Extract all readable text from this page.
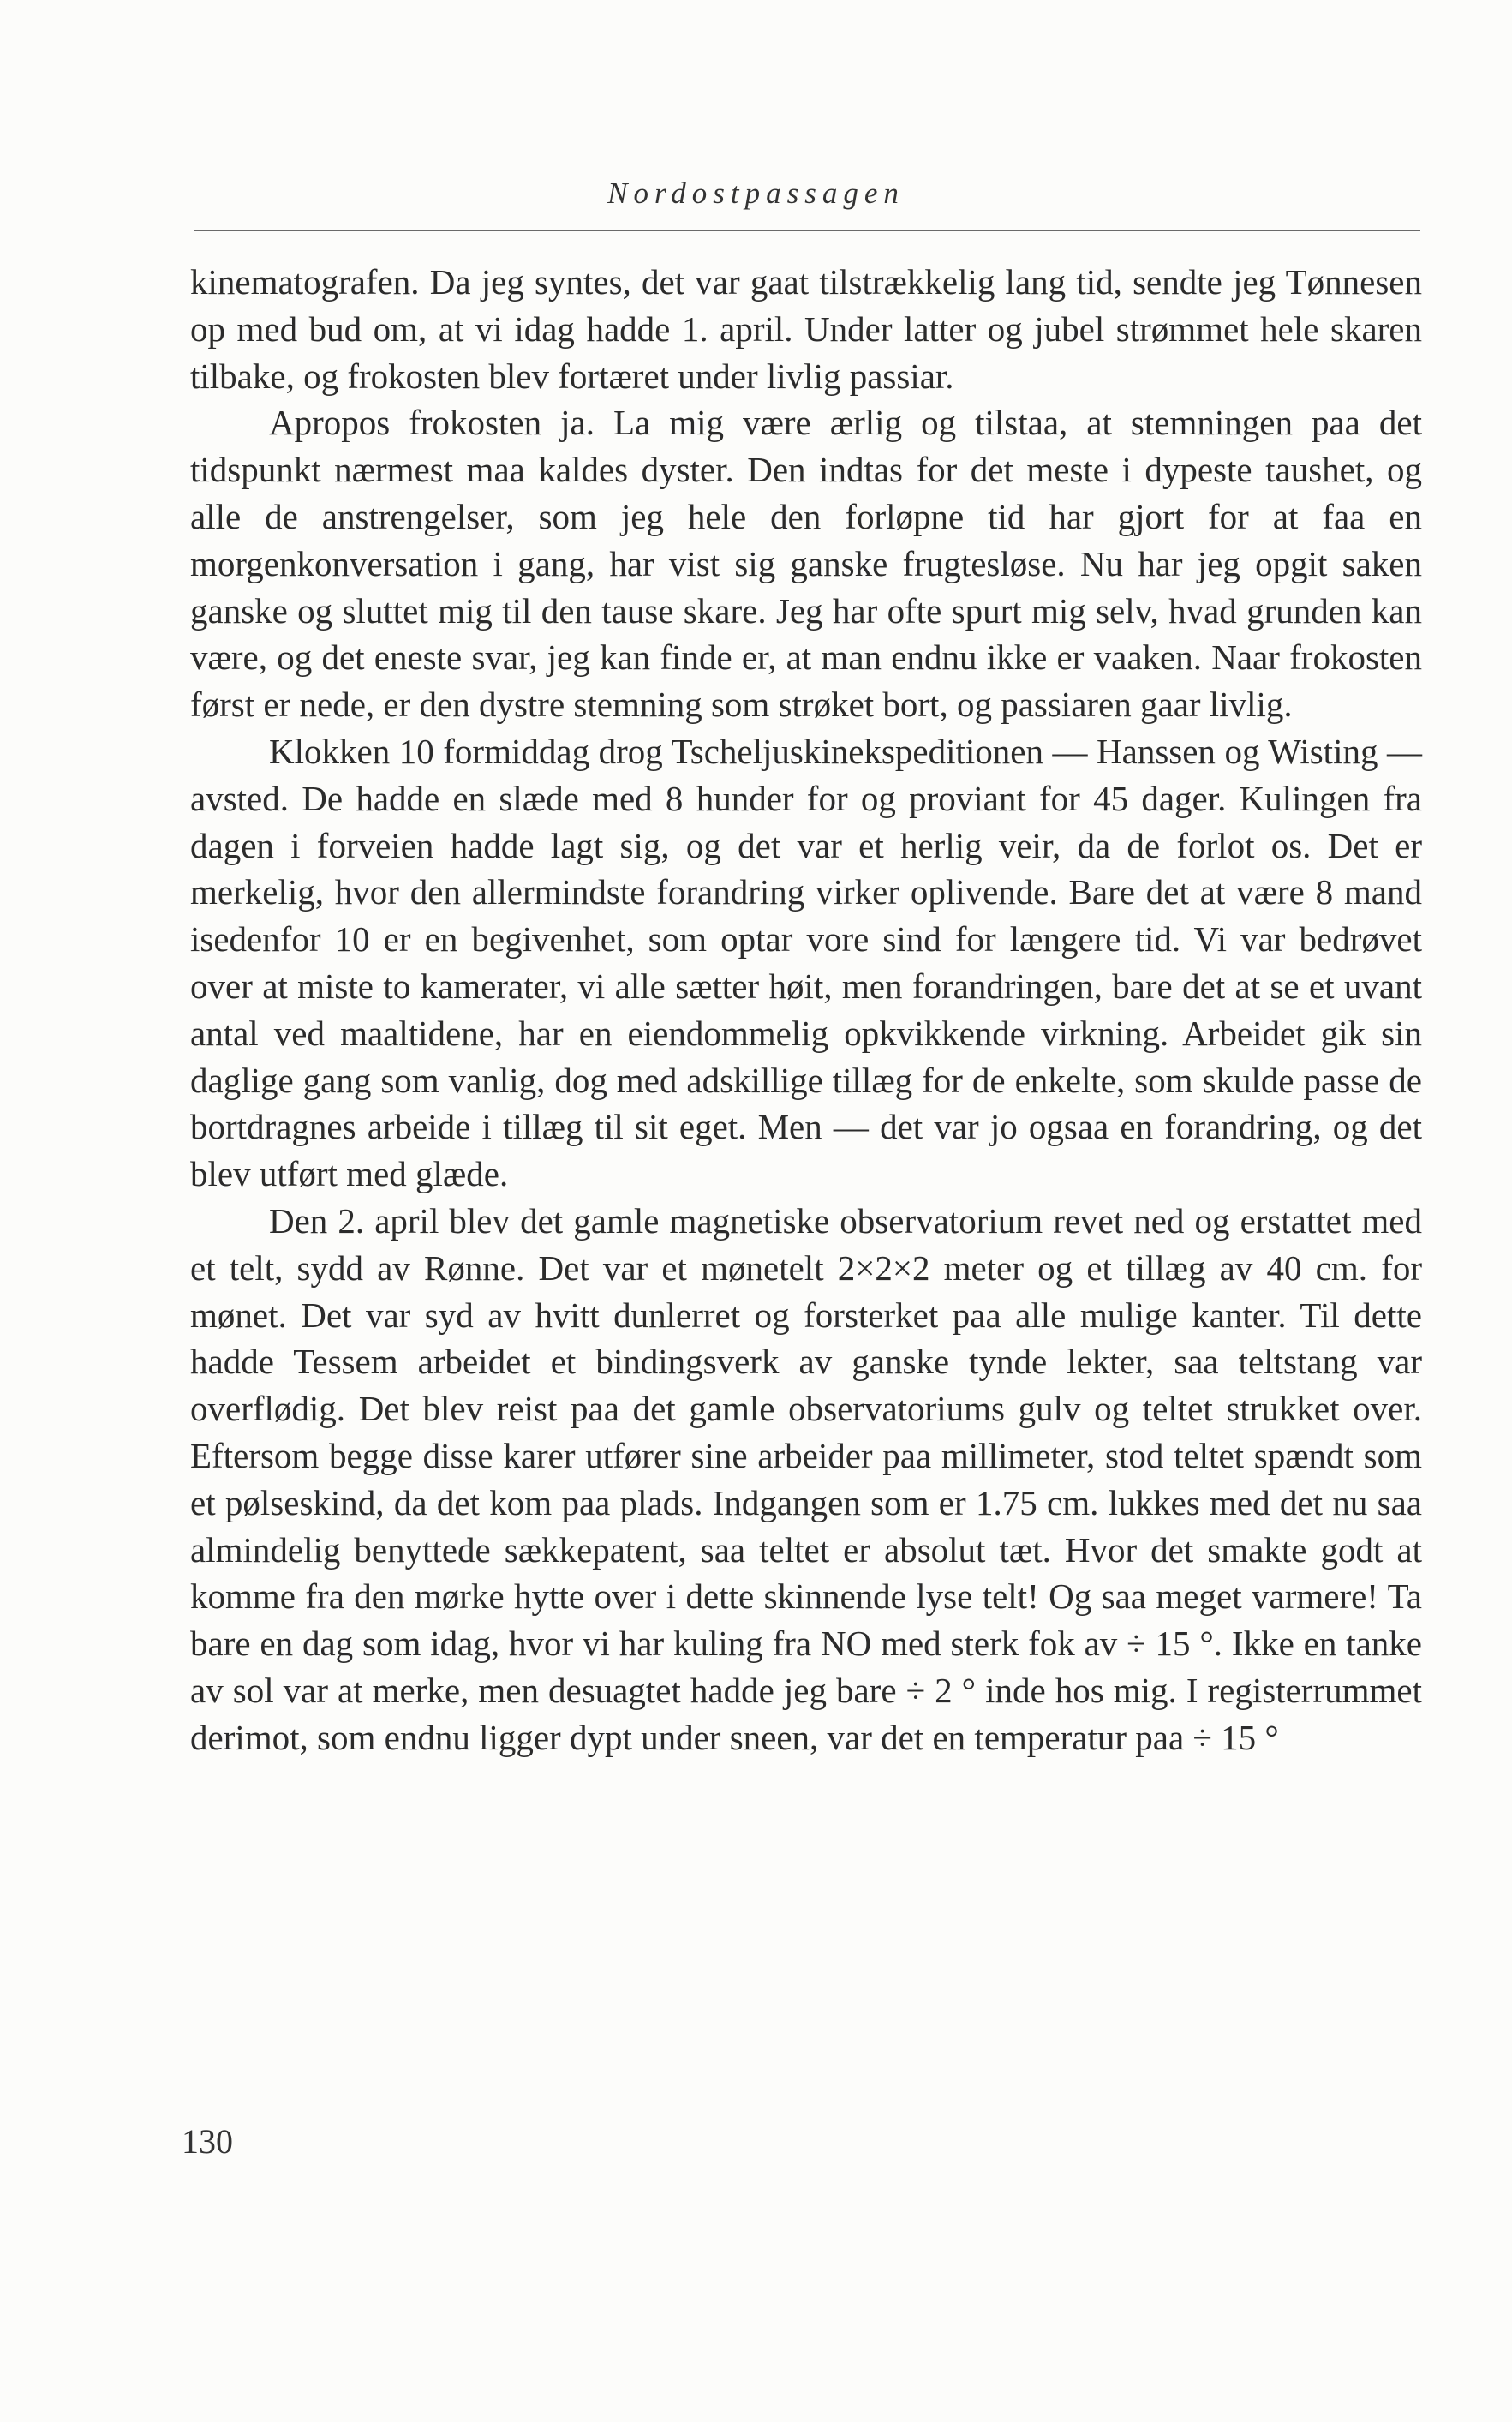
Nordostpassagen

kinematografen. Da jeg syntes, det var gaat tilstrækkelig lang tid, sendte jeg Tønnesen op med bud om, at vi idag hadde 1. april. Under latter og jubel strømmet hele skaren tilbake, og frokosten blev fortæret under livlig passiar.

Apropos frokosten ja. La mig være ærlig og tilstaa, at stemningen paa det tidspunkt nærmest maa kaldes dyster. Den indtas for det meste i dypeste taushet, og alle de anstrengelser, som jeg hele den forløpne tid har gjort for at faa en morgenkonversation i gang, har vist sig ganske frugtesløse. Nu har jeg opgit saken ganske og sluttet mig til den tause skare. Jeg har ofte spurt mig selv, hvad grunden kan være, og det eneste svar, jeg kan finde er, at man endnu ikke er vaaken. Naar frokosten først er nede, er den dystre stemning som strøket bort, og passiaren gaar livlig.

Klokken 10 formiddag drog Tscheljuskinekspeditionen — Hanssen og Wisting — avsted. De hadde en slæde med 8 hunder for og proviant for 45 dager. Kulingen fra dagen i forveien hadde lagt sig, og det var et herlig veir, da de forlot os. Det er merkelig, hvor den allermindste forandring virker oplivende. Bare det at være 8 mand isedenfor 10 er en begivenhet, som optar vore sind for længere tid. Vi var bedrøvet over at miste to kamerater, vi alle sætter høit, men forandringen, bare det at se et uvant antal ved maaltidene, har en eiendommelig opkvikkende virkning. Arbeidet gik sin daglige gang som vanlig, dog med adskillige tillæg for de enkelte, som skulde passe de bortdragnes arbeide i tillæg til sit eget. Men — det var jo ogsaa en forandring, og det blev utført med glæde.

Den 2. april blev det gamle magnetiske observatorium revet ned og erstattet med et telt, sydd av Rønne. Det var et mønetelt 2×2×2 meter og et tillæg av 40 cm. for mønet. Det var syd av hvitt dunlerret og forsterket paa alle mulige kanter. Til dette hadde Tessem arbeidet et bindingsverk av ganske tynde lekter, saa teltstang var overflødig. Det blev reist paa det gamle observatoriums gulv og teltet strukket over. Eftersom begge disse karer utfører sine arbeider paa millimeter, stod teltet spændt som et pølseskind, da det kom paa plads. Indgangen som er 1.75 cm. lukkes med det nu saa almindelig benyttede sækkepatent, saa teltet er absolut tæt. Hvor det smakte godt at komme fra den mørke hytte over i dette skinnende lyse telt! Og saa meget varmere! Ta bare en dag som idag, hvor vi har kuling fra NO med sterk fok av ÷ 15 °. Ikke en tanke av sol var at merke, men desuagtet hadde jeg bare ÷ 2 ° inde hos mig. I registerrummet derimot, som endnu ligger dypt under sneen, var det en temperatur paa ÷ 15 °

130
